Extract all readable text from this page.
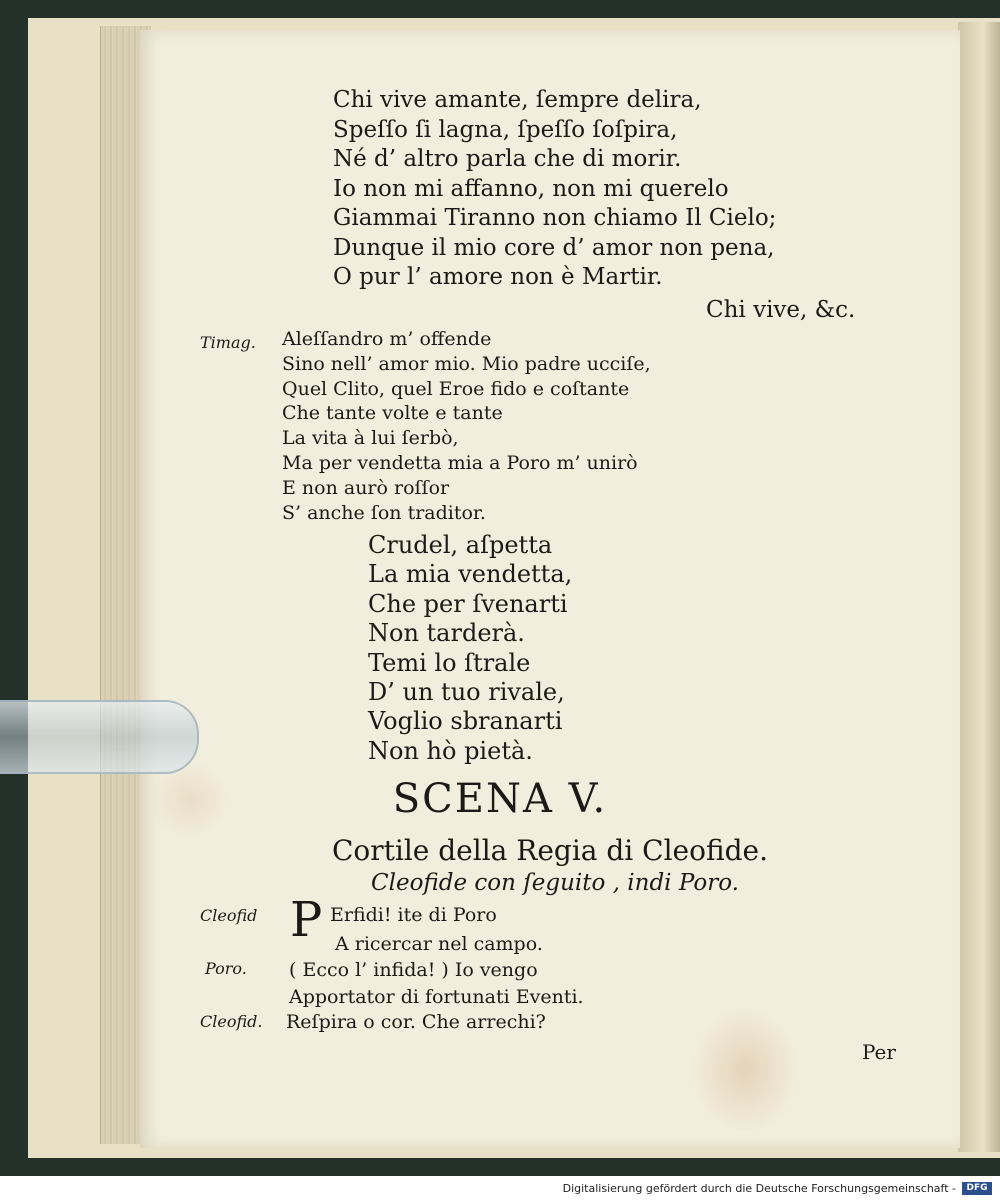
Chi vive amante, ſempre delira,
Speſſo ſi lagna, ſpeſſo ſoſpira,
Né d’ altro parla che di morir.
Io non mi affanno, non mi querelo
Giammai Tiranno non chiamo Il Cielo;
Dunque il mio core d’ amor non pena,
O pur l’ amore non è Martir.
Chi vive, &c.
Timag. Aleſſandro m’ offende
Sino nell’ amor mio. Mio padre ucciſe,
Quel Clito, quel Eroe fido e coſtante
Che tante volte e tante
La vita à lui ſerbò,
Ma per vendetta mia a Poro m’ unirò
E non aurò roſſor
S’ anche ſon traditor.
Crudel, aſpetta
La mia vendetta,
Che per ſvenarti
Non tarderà.
Temi lo ſtrale
D’ un tuo rivale,
Voglio sbranarti
Non hò pietà.
SCENA V.
Cortile della Regia di Cleofide.
Cleofide con ſeguito , indi Poro.
Cleofid
Poro.
Cleofid.
P Erfidi! ite di Poro
A ricercar nel campo.
( Ecco l’ infida! ) Io vengo
Apportator di fortunati Eventi.
Reſpira o cor. Che arrechi?
Per
Digitalisierung gefördert durch die Deutsche Forschungsgemeinschaft -	DFG
